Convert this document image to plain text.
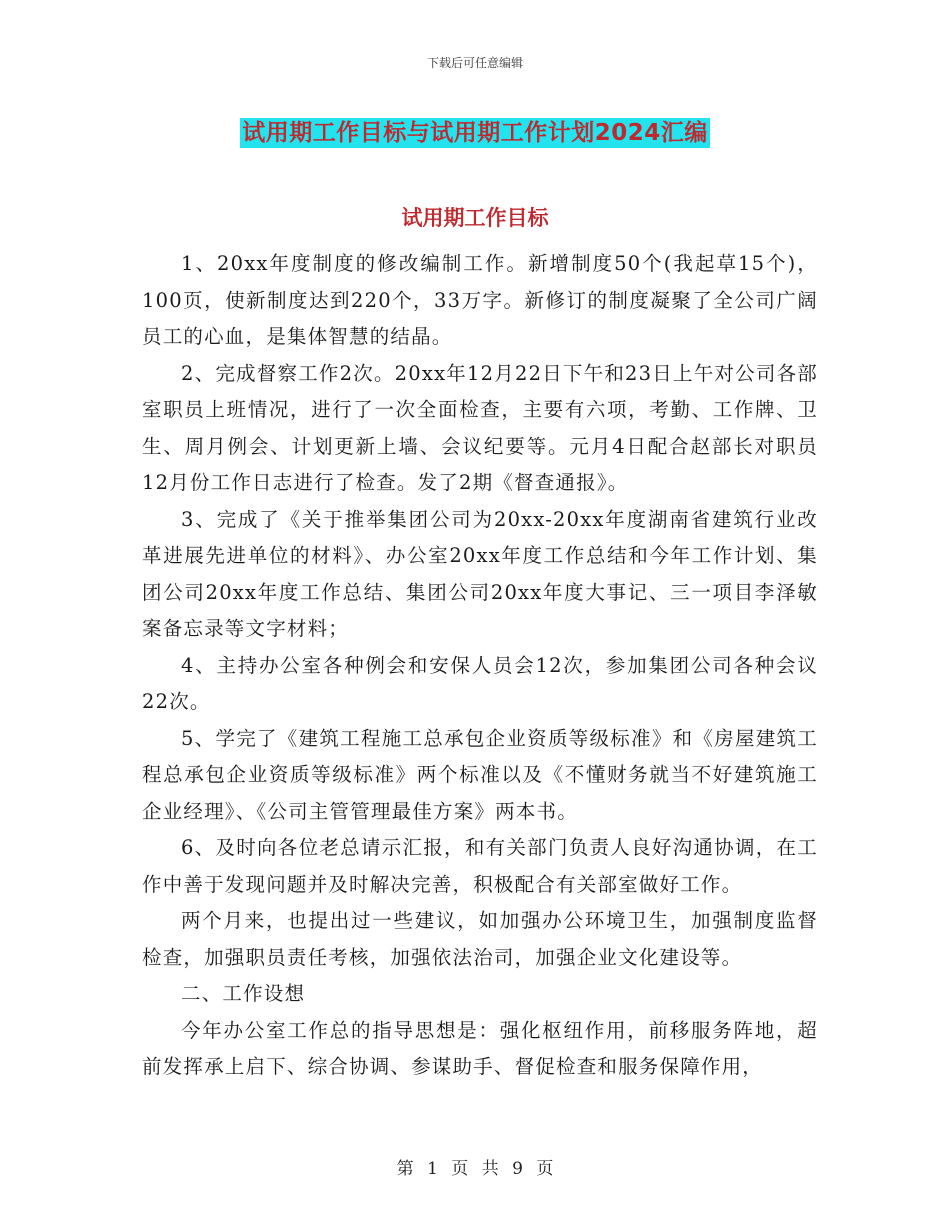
下载后可任意编辑
试用期工作目标与试用期工作计划2024汇编
试用期工作目标

1、20xx年度制度的修改编制工作。新增制度50个(我起草15个)，100页，使新制度达到220个，33万字。新修订的制度凝聚了全公司广阔员工的心血，是集体智慧的结晶。

2、完成督察工作2次。20xx年12月22日下午和23日上午对公司各部室职员上班情况，进行了一次全面检查，主要有六项，考勤、工作牌、卫生、周月例会、计划更新上墙、会议纪要等。元月4日配合赵部长对职员12月份工作日志进行了检查。发了2期《督查通报》。

3、完成了《关于推举集团公司为20xx-20xx年度湖南省建筑行业改革进展先进单位的材料》、办公室20xx年度工作总结和今年工作计划、集团公司20xx年度工作总结、集团公司20xx年度大事记、三一项目李泽敏案备忘录等文字材料；

4、主持办公室各种例会和安保人员会12次，参加集团公司各种会议22次。

5、学完了《建筑工程施工总承包企业资质等级标准》和《房屋建筑工程总承包企业资质等级标准》两个标准以及《不懂财务就当不好建筑施工企业经理》、《公司主管管理最佳方案》两本书。

6、及时向各位老总请示汇报，和有关部门负责人良好沟通协调，在工作中善于发现问题并及时解决完善，积极配合有关部室做好工作。

两个月来，也提出过一些建议，如加强办公环境卫生，加强制度监督检查，加强职员责任考核，加强依法治司，加强企业文化建设等。

二、工作设想

今年办公室工作总的指导思想是：强化枢纽作用，前移服务阵地，超前发挥承上启下、综合协调、参谋助手、督促检查和服务保障作用，

第 1 页 共 9 页
